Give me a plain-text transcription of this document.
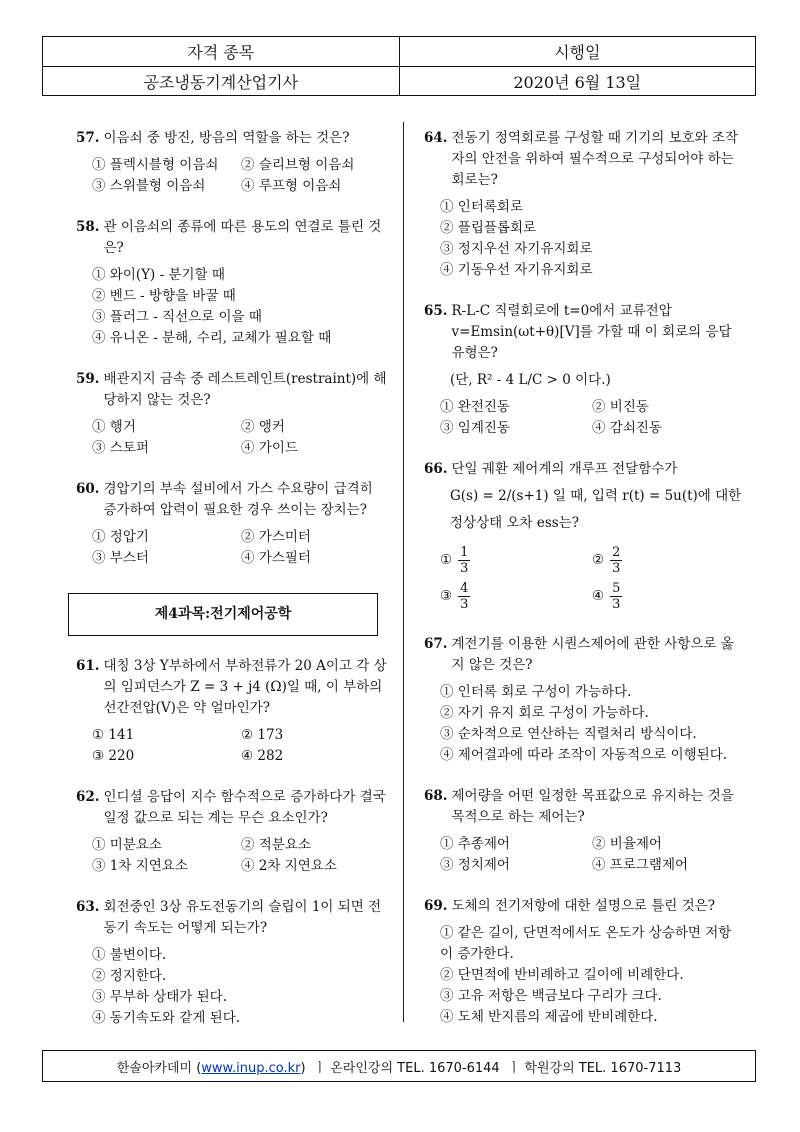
자격 종목	시행일
공조냉동기계산업기사	2020년 6월 13일
57. 이음쇠 중 방진, 방음의 역할을 하는 것은?
① 플렉시블형 이음쇠	② 슬리브형 이음쇠
③ 스위블형 이음쇠	④ 루프형 이음쇠
58. 관 이음쇠의 종류에 따른 용도의 연결로 틀린 것은?
① 와이(Y) - 분기할 때
② 벤드 - 방향을 바꿀 때
③ 플러그 - 직선으로 이을 때
④ 유니온 - 분해, 수리, 교체가 필요할 때
59. 배관지지 금속 중 레스트레인트(restraint)에 해당하지 않는 것은?
① 행거	② 앵커
③ 스토퍼	④ 가이드
60. 경압기의 부속 설비에서 가스 수요량이 급격히 증가하여 압력이 필요한 경우 쓰이는 장치는?
① 정압기	② 가스미터
③ 부스터	④ 가스필터
제4과목:전기제어공학
61. 대칭 3상 Y부하에서 부하전류가 20 A이고 각 상의 임피던스가 Z = 3 + j4 (Ω)일 때, 이 부하의 선간전압(V)은 약 얼마인가?
① 141	② 173
③ 220	④ 282
62. 인디셜 응답이 지수 함수적으로 증가하다가 결국 일정 값으로 되는 계는 무슨 요소인가?
① 미분요소	② 적분요소
③ 1차 지연요소	④ 2차 지연요소
63. 회전중인 3상 유도전동기의 슬립이 1이 되면 전동기 속도는 어떻게 되는가?
① 불변이다.
② 정지한다.
③ 무부하 상태가 된다.
④ 동기속도와 같게 된다.
64. 전동기 정역회로를 구성할 때 기기의 보호와 조작자의 안전을 위하여 필수적으로 구성되어야 하는 회로는?
① 인터록회로
② 플립플롭회로
③ 정지우선 자기유지회로
④ 기동우선 자기유지회로
65. R-L-C 직렬회로에 t=0에서 교류전압 v=Emsin(ωt+θ)[V]를 가할 때 이 회로의 응답유형은?
(단, R² - 4 L/C > 0 이다.)
① 완전진동	② 비진동
③ 임계진동	④ 감쇠진동
66. 단일 궤환 제어계의 개루프 전달함수가
G(s) = 2/(s+1) 일 때, 입력 r(t) = 5u(t)에 대한
정상상태 오차 ess는?
① $\frac{1}{3}$	② $\frac{2}{3}$
③ $\frac{4}{3}$	④ $\frac{5}{3}$
67. 계전기를 이용한 시퀀스제어에 관한 사항으로 옳지 않은 것은?
① 인터록 회로 구성이 가능하다.
② 자기 유지 회로 구성이 가능하다.
③ 순차적으로 연산하는 직렬처리 방식이다.
④ 제어결과에 따라 조작이 자동적으로 이행된다.
68. 제어량을 어떤 일정한 목표값으로 유지하는 것을 목적으로 하는 제어는?
① 추종제어	② 비율제어
③ 정치제어	④ 프로그램제어
69. 도체의 전기저항에 대한 설명으로 틀린 것은?
① 같은 길이, 단면적에서도 온도가 상승하면 저항이 증가한다.
② 단면적에 반비례하고 길이에 비례한다.
③ 고유 저항은 백금보다 구리가 크다.
④ 도체 반지름의 제곱에 반비례한다.
한솔아카데미 (www.inup.co.kr) ㅣ 온라인강의 TEL. 1670-6144 ㅣ 학원강의 TEL. 1670-7113
